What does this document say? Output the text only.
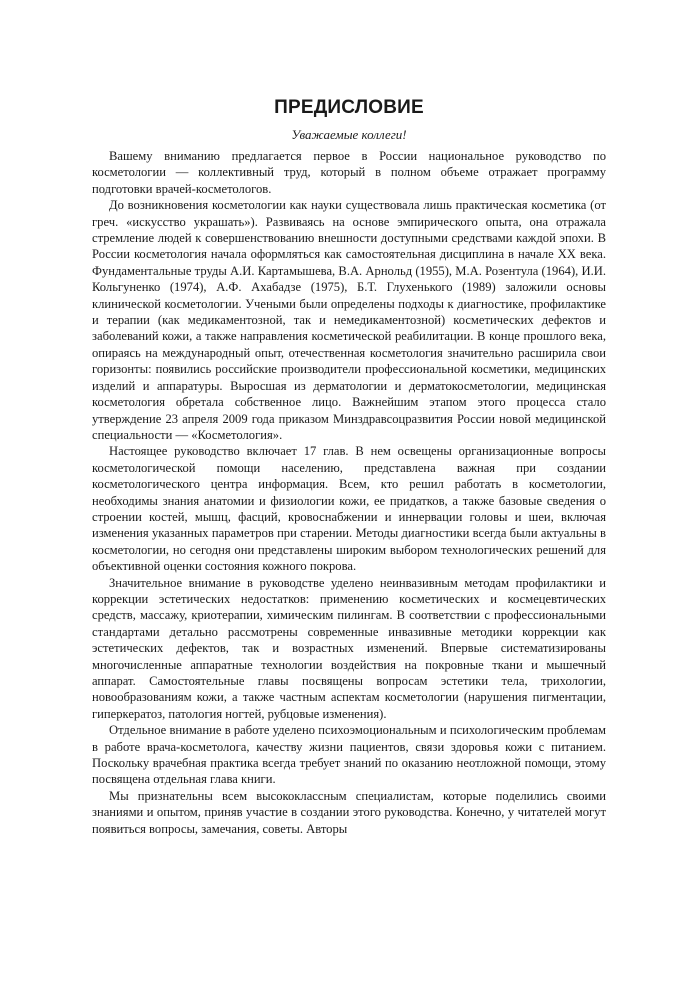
ПРЕДИСЛОВИЕ

Уважаемые коллеги!

Вашему вниманию предлагается первое в России национальное руководство по косметологии — коллективный труд, который в полном объеме отражает программу подготовки врачей-косметологов.

До возникновения косметологии как науки существовала лишь практическая косметика (от греч. «искусство украшать»). Развиваясь на основе эмпирического опыта, она отражала стремление людей к совершенствованию внешности доступными средствами каждой эпохи. В России косметология начала оформляться как самостоятельная дисциплина в начале XX века. Фундаментальные труды А.И. Картамышева, В.А. Арнольд (1955), М.А. Розентула (1964), И.И. Кольгуненко (1974), А.Ф. Ахабадзе (1975), Б.Т. Глухенького (1989) заложили основы клинической косметологии. Учеными были определены подходы к диагностике, профилактике и терапии (как медикаментозной, так и немедикаментозной) косметических дефектов и заболеваний кожи, а также направления косметической реабилитации. В конце прошлого века, опираясь на международный опыт, отечественная косметология значительно расширила свои горизонты: появились российские производители профессиональной косметики, медицинских изделий и аппаратуры. Выросшая из дерматологии и дерматокосметологии, медицинская косметология обретала собственное лицо. Важнейшим этапом этого процесса стало утверждение 23 апреля 2009 года приказом Минздравсоцразвития России новой медицинской специальности — «Косметология».

Настоящее руководство включает 17 глав. В нем освещены организационные вопросы косметологической помощи населению, представлена важная при создании косметологического центра информация. Всем, кто решил работать в косметологии, необходимы знания анатомии и физиологии кожи, ее придатков, а также базовые сведения о строении костей, мышц, фасций, кровоснабжении и иннервации головы и шеи, включая изменения указанных параметров при старении. Методы диагностики всегда были актуальны в косметологии, но сегодня они представлены широким выбором технологических решений для объективной оценки состояния кожного покрова.

Значительное внимание в руководстве уделено неинвазивным методам профилактики и коррекции эстетических недостатков: применению косметических и космецевтических средств, массажу, криотерапии, химическим пилингам. В соответствии с профессиональными стандартами детально рассмотрены современные инвазивные методики коррекции как эстетических дефектов, так и возрастных изменений. Впервые систематизированы многочисленные аппаратные технологии воздействия на покровные ткани и мышечный аппарат. Самостоятельные главы посвящены вопросам эстетики тела, трихологии, новообразованиям кожи, а также частным аспектам косметологии (нарушения пигментации, гиперкератоз, патология ногтей, рубцовые изменения).

Отдельное внимание в работе уделено психоэмоциональным и психологическим проблемам в работе врача-косметолога, качеству жизни пациентов, связи здоровья кожи с питанием. Поскольку врачебная практика всегда требует знаний по оказанию неотложной помощи, этому посвящена отдельная глава книги.

Мы признательны всем высококлассным специалистам, которые поделились своими знаниями и опытом, приняв участие в создании этого руководства. Конечно, у читателей могут появиться вопросы, замечания, советы. Авторы
